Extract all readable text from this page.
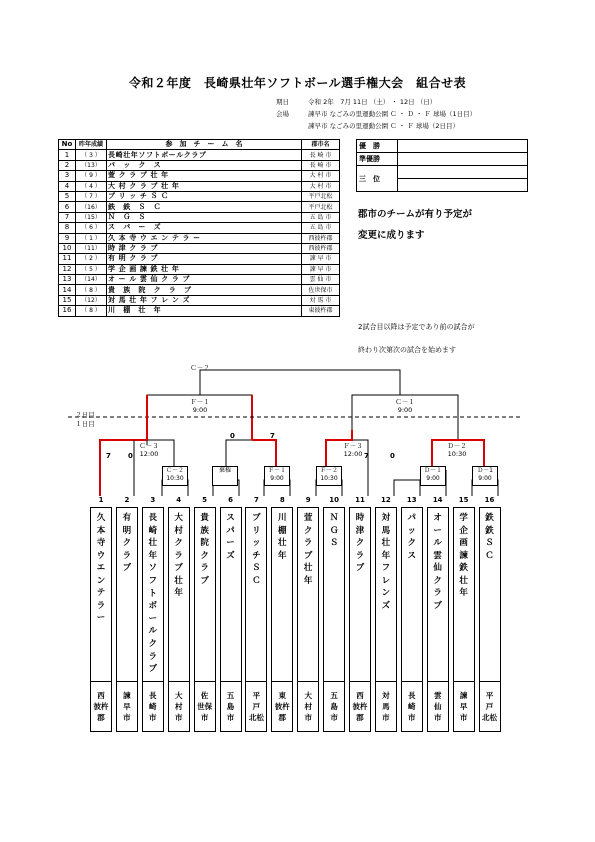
令和２年度　長崎県壮年ソフトボール選手権大会　組合せ表
期日	令和 2年　7月 11日 （土） ・ 12日 （日）
会場	諫早市 なごみの里運動公園 Ｃ ・ Ｄ ・ Ｆ 球場（1日目）
諫早市 なごみの里運動公園 Ｃ ・ Ｆ 球場（2日目）
No	昨年成績	参　加　チ　ー　ム　名	郡市名
1	（ 3 ）	長崎壮年ソフトボールクラブ	長 崎 市
2	（13）	パ　ッ　ク　ス	長 崎 市
3	（ 9 ）	萱 ク ラ ブ 壮 年	大 村 市
4	（ 4 ）	大 村 ク ラ ブ 壮 年	大 村 市
5	（ 7 ）	ブ リ ッ チ Ｓ Ｃ	平戸北松
6	（16）	鉄　鉄　Ｓ　Ｃ	平戸北松
7	（15）	Ｎ　Ｇ　Ｓ	五 島 市
8	（ 6 ）	ス　パ　ー　ズ	五 島 市
9	（ 1 ）	久 本 寺 ウ エ ン テ ラ ー	西彼杵郡
10	（11）	時 津 ク ラ ブ	西彼杵郡
11	（ 2 ）	有 明 ク ラ ブ	諫 早 市
12	（ 5 ）	学 企 画 諫 鉄 壮 年	諫 早 市
13	（14）	オ ー ル 雲 仙 ク ラ ブ	雲 仙 市
14	（ 8 ）	貴　族　院　ク　ラ　ブ	佐世保市
15	（12）	対 馬 壮 年 フ レ ン ズ	対 馬 市
16	（ 8 ）	川　棚　壮　年	東彼杵郡
優　勝	
準優勝	
三　位	

郡市のチームが有り予定が
変更に成ります
2試合目以降は予定であり前の試合が
終わり次第次の試合を始めます
Ｃ－２
Ｆ－１
9:00
Ｃ－１
9:00
２日目
１日目
Ｃ－３
12:00
7 0
0	7
Ｆ－３
12:00 7	0
Ｄ－２
10:30
Ｃ－２
10:30
棄権	Ｆ－１
9:00
Ｆ－２
10:30
Ｄ－１
9:00
Ｄ－1
9:00
1
久
本
寺
ウ
エ
ン
テ
ラ
ー
西
彼杵
郡
2
有
明
ク
ラ
ブ
諫
早
市
3
長
崎
壮
年
ソ
フ
ト
ボ
ー
ル
ク
ラ
ブ
長
崎
市
4
大
村
ク
ラ
ブ
壮
年
大
村
市
5
貴
族
院
ク
ラ
ブ
佐
世保
市
6
ス
パ
ー
ズ
五
島
市
7
ブ
リ
ッ
チ
Ｓ
Ｃ
平
戸
北松
8
川
棚
壮
年
東
彼杵
郡
9
萱
ク
ラ
ブ
壮
年
大
村
市
10
Ｎ
Ｇ
Ｓ
五
島
市
11
時
津
ク
ラ
ブ
西
彼杵
郡
12
対
馬
壮
年
フ
レ
ン
ズ
対
馬
市
13
パ
ッ
ク
ス
長
崎
市
14
オ
ー
ル
雲
仙
ク
ラ
ブ
雲
仙
市
15
学
企
画
諫
鉄
壮
年
諫
早
市
16
鉄
鉄
Ｓ
Ｃ
平
戸
北松
